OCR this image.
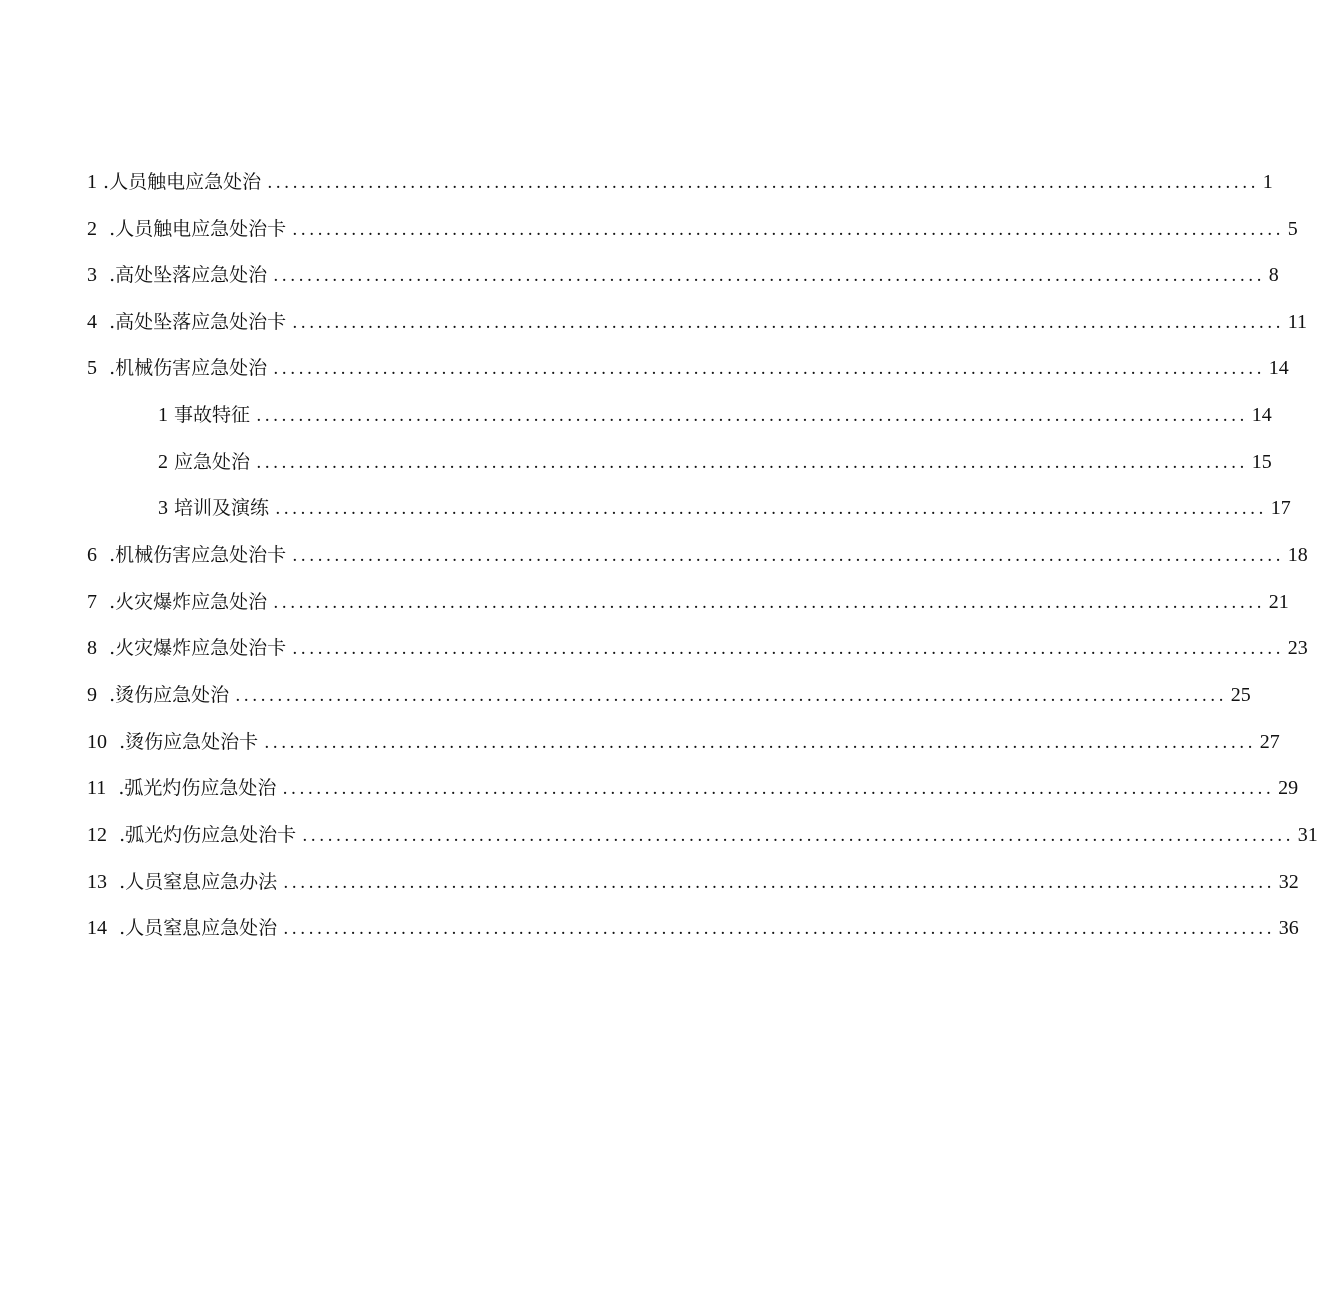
1 . 人员触电应急处治 ...................................................................................................................... 1
2 . 人员触电应急处治卡 ...................................................................................................................... 5
3 . 高处坠落应急处治 ...................................................................................................................... 8
4 . 高处坠落应急处治卡 ...................................................................................................................... 11
5 . 机械伤害应急处治 ...................................................................................................................... 14
1
事故特征 ...................................................................................................................... 14
2
应急处治 ...................................................................................................................... 15
3
培训及演练 ...................................................................................................................... 17
6 . 机械伤害应急处治卡 ...................................................................................................................... 18
7 . 火灾爆炸应急处治 ...................................................................................................................... 21
8 . 火灾爆炸应急处治卡 ...................................................................................................................... 23
9 . 烫伤应急处治 ...................................................................................................................... 25
10 . 烫伤应急处治卡 ...................................................................................................................... 27
11 . 弧光灼伤应急处治 ...................................................................................................................... 29
12 . 弧光灼伤应急处治卡 ...................................................................................................................... 31
13 . 人员窒息应急办法 ...................................................................................................................... 32
14 . 人员窒息应急处治 ...................................................................................................................... 36
